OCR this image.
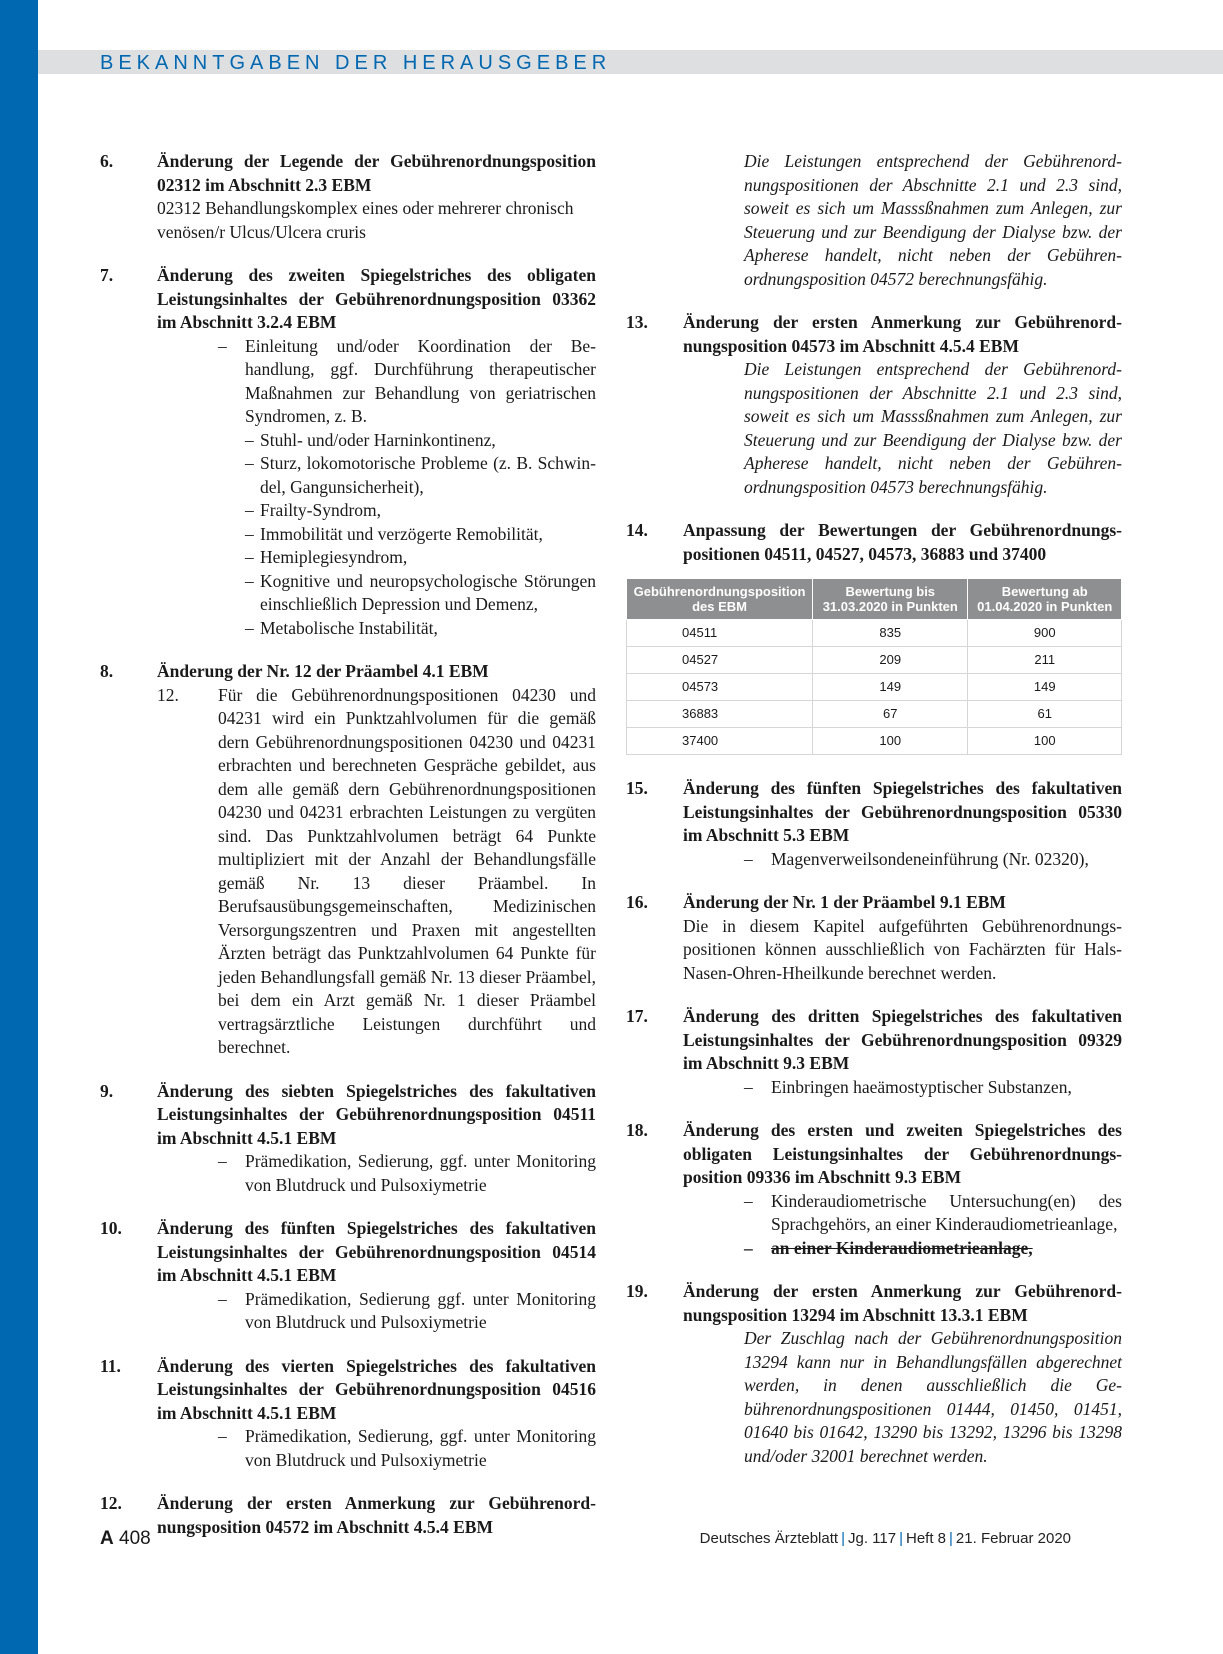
BEKANNTGABEN DER HERAUSGEBER
6.	Änderung der Legende der Gebührenordnungsposition 02312 im Abschnitt 2.3 EBM
02312 Behandlungskomplex eines oder mehrerer chronisch venösen/r Ulcus/Ulcera cruris
7.	Änderung des zweiten Spiegelstriches des obligaten Leistungsinhaltes der Gebührenordnungsposition 03362 im Abschnitt 3.2.4 EBM
– Einleitung und/oder Koordination der Behandlung, ggf. Durchführung therapeutischer Maßnahmen zur Behandlung von geriatrischen Syndromen, z. B.
– Stuhl- und/oder Harninkontinenz,
– Sturz, lokomotorische Probleme (z. B. Schwindel, Gangunsicherheit),
– Frailty-Syndrom,
– Immobilität und verzögerte Remobilität,
– Hemiplegiesyndrom,
– Kognitive und neuropsychologische Störungen einschließlich Depression und Demenz,
– Metabolische Instabilität,
8.	Änderung der Nr. 12 der Präambel 4.1 EBM
12. Für die Gebührenordnungspositionen 04230 und 04231 wird ein Punktzahlvolumen für die gemäß dern Gebührenordnungspositionen 04230 und 04231 erbrachten und berechneten Gespräche gebildet, aus dem alle gemäß dern Gebührenordnungspositionen 04230 und 04231 erbrachten Leistungen zu vergüten sind. Das Punktzahlvolumen beträgt 64 Punkte multipliziert mit der Anzahl der Behandlungsfälle gemäß Nr. 13 dieser Präambel. In Berufsausübungsgemeinschaften, Medizinischen Versorgungszentren und Praxen mit angestellten Ärzten beträgt das Punktzahlvolumen 64 Punkte für jeden Behandlungsfall gemäß Nr. 13 dieser Präambel, bei dem ein Arzt gemäß Nr. 1 dieser Präambel vertragsärztliche Leistungen durchführt und berechnet.
9.	Änderung des siebten Spiegelstriches des fakultativen Leistungsinhaltes der Gebührenordnungsposition 04511 im Abschnitt 4.5.1 EBM
– Prämedikation, Sedierung, ggf. unter Monitoring von Blutdruck und Pulsoxiymetrie
10.	Änderung des fünften Spiegelstriches des fakultativen Leistungsinhaltes der Gebührenordnungsposition 04514 im Abschnitt 4.5.1 EBM
– Prämedikation, Sedierung ggf. unter Monitoring von Blutdruck und Pulsoxiymetrie
11.	Änderung des vierten Spiegelstriches des fakultativen Leistungsinhaltes der Gebührenordnungsposition 04516 im Abschnitt 4.5.1 EBM
– Prämedikation, Sedierung, ggf. unter Monitoring von Blutdruck und Pulsoxiymetrie
12.	Änderung der ersten Anmerkung zur Gebührenordnungsposition 04572 im Abschnitt 4.5.4 EBM
Die Leistungen entsprechend der Gebührenordnungspositionen der Abschnitte 2.1 und 2.3 sind, soweit es sich um Masssßnahmen zum Anlegen, zur Steuerung und zur Beendigung der Dialyse bzw. der Apherese handelt, nicht neben der Gebührenordnungsposition 04572 berechnungsfähig.
13.	Änderung der ersten Anmerkung zur Gebührenordnungsposition 04573 im Abschnitt 4.5.4 EBM
Die Leistungen entsprechend der Gebührenordnungspositionen der Abschnitte 2.1 und 2.3 sind, soweit es sich um Masssßnahmen zum Anlegen, zur Steuerung und zur Beendigung der Dialyse bzw. der Apherese handelt, nicht neben der Gebührenordnungsposition 04573 berechnungsfähig.
14.	Anpassung der Bewertungen der Gebührenordnungspositionen 04511, 04527, 04573, 36883 und 37400
Gebührenordnungsposition des EBM	Bewertung bis 31.03.2020 in Punkten	Bewertung ab 01.04.2020 in Punkten
04511	835	900
04527	209	211
04573	149	149
36883	67	61
37400	100	100
15.	Änderung des fünften Spiegelstriches des fakultativen Leistungsinhaltes der Gebührenordnungsposition 05330 im Abschnitt 5.3 EBM
– Magenverweilsondeneinführung (Nr. 02320),
16.	Änderung der Nr. 1 der Präambel 9.1 EBM
Die in diesem Kapitel aufgeführten Gebührenordnungspositionen können ausschließlich von Fachärzten für Hals-Nasen-Ohren-Hheilkunde berechnet werden.
17.	Änderung des dritten Spiegelstriches des fakultativen Leistungsinhaltes der Gebührenordnungsposition 09329 im Abschnitt 9.3 EBM
– Einbringen haeämostyptischer Substanzen,
18.	Änderung des ersten und zweiten Spiegelstriches des obligaten Leistungsinhaltes der Gebührenordnungsposition 09336 im Abschnitt 9.3 EBM
– Kinderaudiometrische Untersuchung(en) des Sprachgehörs, an einer Kinderaudiometrieanlage,
– an einer Kinderaudiometrieanlage,
19.	Änderung der ersten Anmerkung zur Gebührenordnungsposition 13294 im Abschnitt 13.3.1 EBM
Der Zuschlag nach der Gebührenordnungsposition 13294 kann nur in Behandlungsfällen abgerechnet werden, in denen ausschließlich die Gebührenordnungspositionen 01444, 01450, 01451, 01640 bis 01642, 13290 bis 13292, 13296 bis 13298 und/oder 32001 berechnet werden.
A 408	Deutsches Ärzteblatt | Jg. 117 | Heft 8 | 21. Februar 2020
